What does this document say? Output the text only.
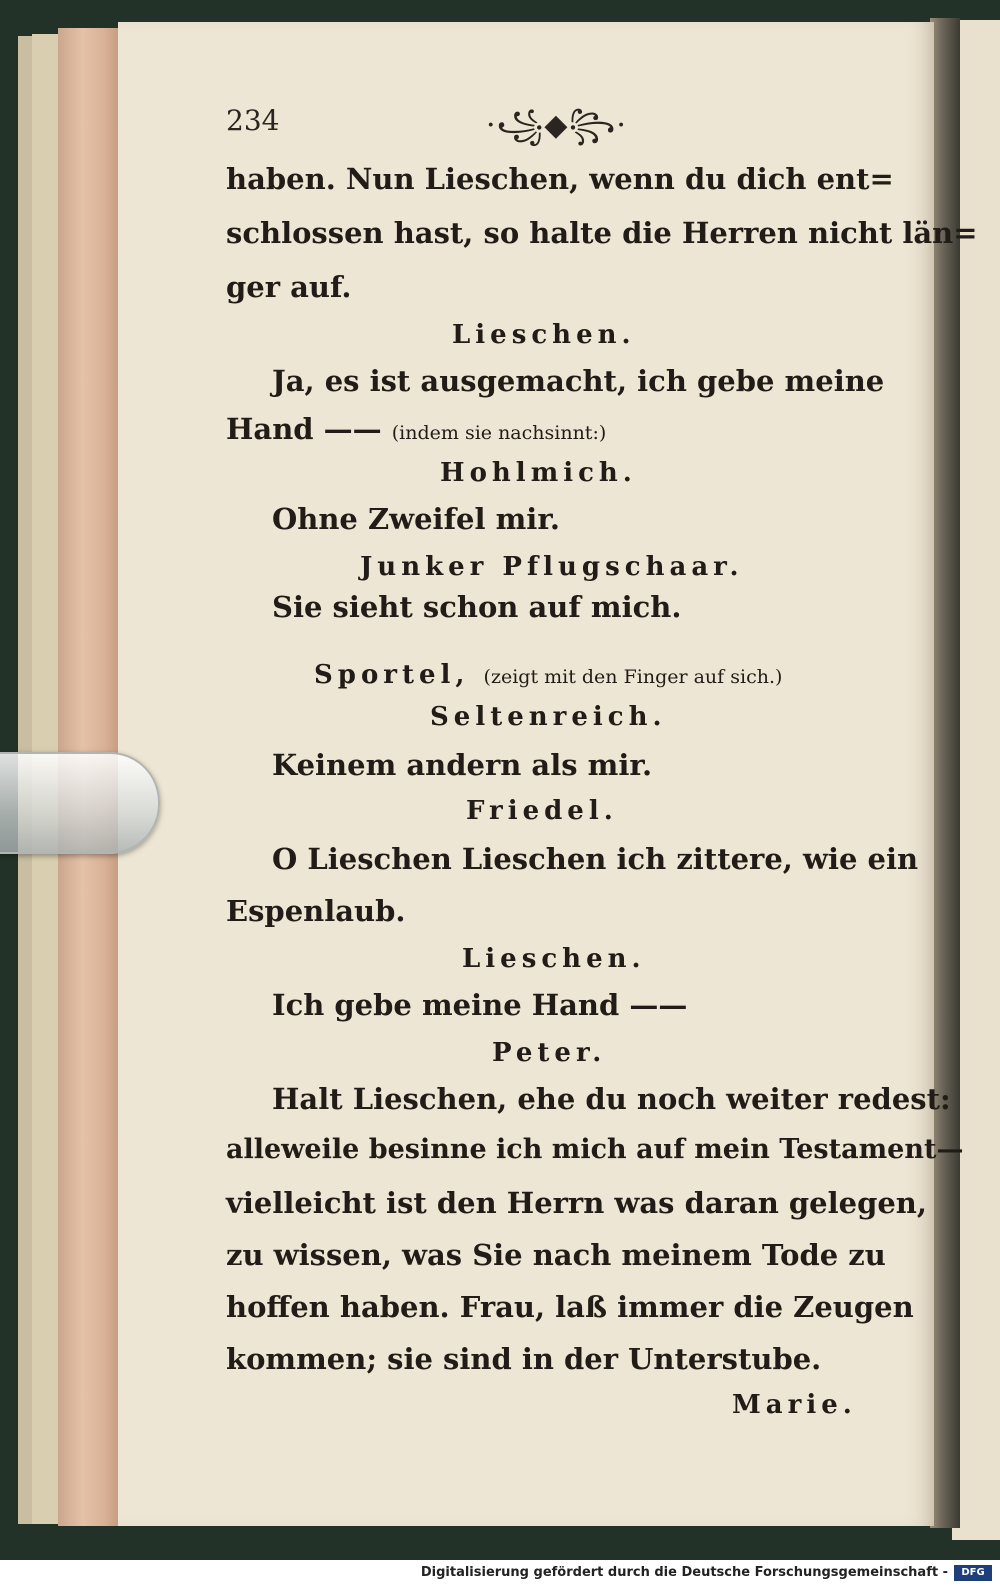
234	·꧁◆꧂·
haben. Nun Lieschen, wenn du dich ent=
schlossen hast, so halte die Herren nicht län=
ger auf.
Lieschen.
Ja, es ist ausgemacht, ich gebe meine
Hand —— (indem sie nachsinnt:)
Hohlmich.
Ohne Zweifel mir.
Junker Pflugschaar.
Sie sieht schon auf mich.
Sportel, (zeigt mit den Finger auf sich.)
Seltenreich.
Keinem andern als mir.
Friedel.
O Lieschen Lieschen ich zittere, wie ein
Espenlaub.
Lieschen.
Ich gebe meine Hand ——
Peter.
Halt Lieschen, ehe du noch weiter redest:
alleweile besinne ich mich auf mein Testament—
vielleicht ist den Herrn was daran gelegen,
zu wissen, was Sie nach meinem Tode zu
hoffen haben. Frau, laß immer die Zeugen
kommen; sie sind in der Unterstube.
Marie.
Digitalisierung gefördert durch die Deutsche Forschungsgemeinschaft -	DFG
